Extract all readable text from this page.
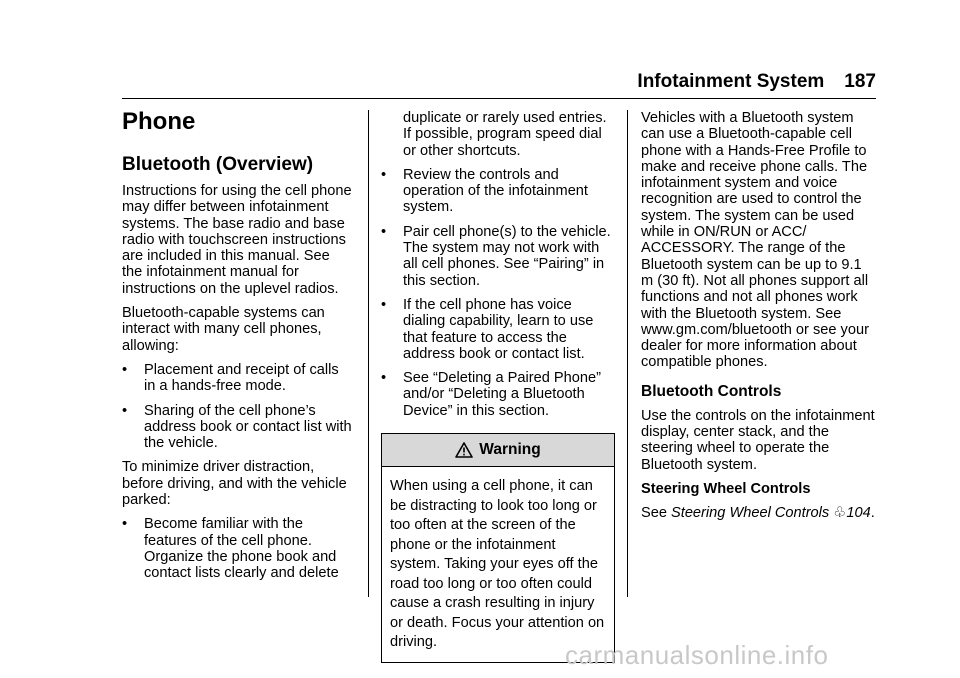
Infotainment System 187
Phone
Bluetooth (Overview)

Instructions for using the cell phone may differ between infotainment systems. The base radio and base radio with touchscreen instructions are included in this manual. See the infotainment manual for instructions on the uplevel radios.

Bluetooth-capable systems can interact with many cell phones, allowing:

•	Placement and receipt of calls in a hands-free mode.
•	Sharing of the cell phone’s address book or contact list with the vehicle.

To minimize driver distraction, before driving, and with the vehicle parked:

•	Become familiar with the features of the cell phone. Organize the phone book and contact lists clearly and delete
duplicate or rarely used entries. If possible, program speed dial or other shortcuts.
•	Review the controls and operation of the infotainment system.
•	Pair cell phone(s) to the vehicle. The system may not work with all cell phones. See “Pairing” in this section.
•	If the cell phone has voice dialing capability, learn to use that feature to access the address book or contact list.
•	See “Deleting a Paired Phone” and/or “Deleting a Bluetooth Device” in this section.
Warning
When using a cell phone, it can be distracting to look too long or too often at the screen of the phone or the infotainment system. Taking your eyes off the road too long or too often could cause a crash resulting in injury or death. Focus your attention on driving.

Vehicles with a Bluetooth system can use a Bluetooth-capable cell phone with a Hands-Free Profile to make and receive phone calls. The infotainment system and voice recognition are used to control the system. The system can be used while in ON/RUN or ACC/ ACCESSORY. The range of the Bluetooth system can be up to 9.1 m (30 ft). Not all phones support all functions and not all phones work with the Bluetooth system. See www.gm.com/bluetooth or see your dealer for more information about compatible phones.

Bluetooth Controls

Use the controls on the infotainment display, center stack, and the steering wheel to operate the Bluetooth system.

Steering Wheel Controls

See Steering Wheel Controls ♧104.

carmanualsonline.info
